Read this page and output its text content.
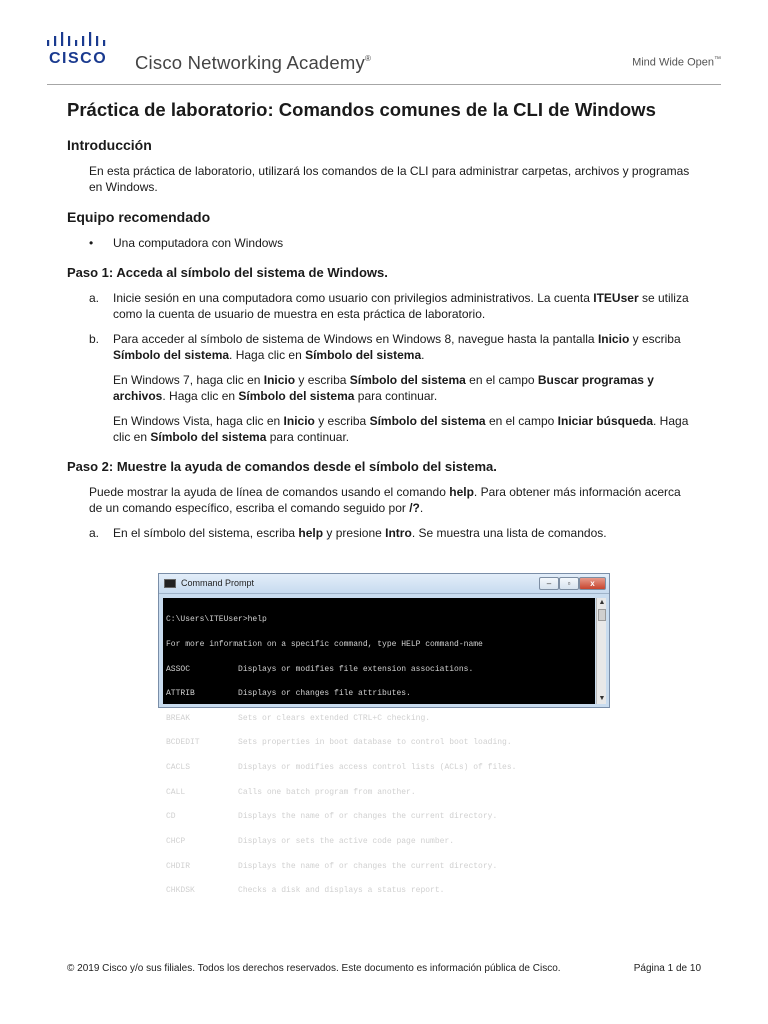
CISCO Cisco Networking Academy®	Mind Wide Open™
Práctica de laboratorio: Comandos comunes de la CLI de Windows
Introducción

En esta práctica de laboratorio, utilizará los comandos de la CLI para administrar carpetas, archivos y programas en Windows.

Equipo recomendado
• Una computadora con Windows
Paso 1: Acceda al símbolo del sistema de Windows.
a. Inicie sesión en una computadora como usuario con privilegios administrativos. La cuenta ITEUser se utiliza como la cuenta de usuario de muestra en esta práctica de laboratorio.
b. Para acceder al símbolo de sistema de Windows en Windows 8, navegue hasta la pantalla Inicio y escriba Símbolo del sistema. Haga clic en Símbolo del sistema.
En Windows 7, haga clic en Inicio y escriba Símbolo del sistema en el campo Buscar programas y archivos. Haga clic en Símbolo del sistema para continuar.
En Windows Vista, haga clic en Inicio y escriba Símbolo del sistema en el campo Iniciar búsqueda. Haga clic en Símbolo del sistema para continuar.
Paso 2: Muestre la ayuda de comandos desde el símbolo del sistema.

Puede mostrar la ayuda de línea de comandos usando el comando help. Para obtener más información acerca de un comando específico, escriba el comando seguido por /?.

a. En el símbolo del sistema, escriba help y presione Intro. Se muestra una lista de comandos.
Command Prompt	–	▫	x

C:\Users\ITEUser>help

For more information on a specific command, type HELP command-name

ASSOC          Displays or modifies file extension associations.

ATTRIB         Displays or changes file attributes.

BREAK          Sets or clears extended CTRL+C checking.

BCDEDIT        Sets properties in boot database to control boot loading.

CACLS          Displays or modifies access control lists (ACLs) of files.

CALL           Calls one batch program from another.

CD             Displays the name of or changes the current directory.

CHCP           Displays or sets the active code page number.

CHDIR          Displays the name of or changes the current directory.

CHKDSK         Checks a disk and displays a status report.

▲
▼
© 2019 Cisco y/o sus filiales. Todos los derechos reservados. Este documento es información pública de Cisco.	Página 1 de 10
